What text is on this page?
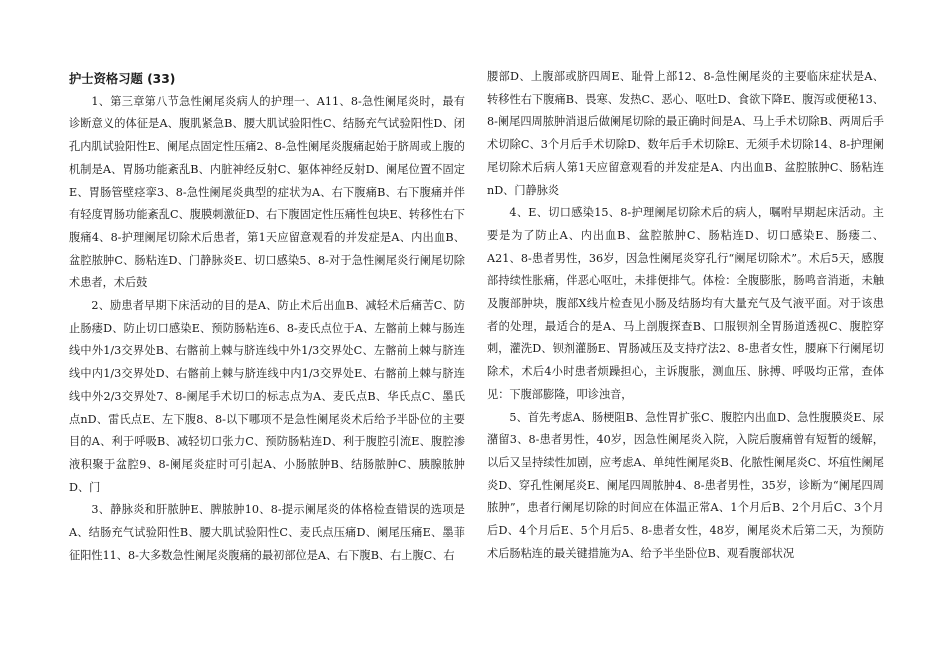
护士资格习题 (33)

1、第三章第八节急性阑尾炎病人的护理一、A11、8-急性阑尾炎时，最有诊断意义的体征是A、腹肌紧急B、腰大肌试验阳性C、结肠充气试验阳性D、闭孔内肌试验阳性E、阑尾点固定性压痛2、8-急性阑尾炎腹痛起始于脐周或上腹的机制是A、胃肠功能紊乱B、内脏神经反射C、躯体神经反射D、阑尾位置不固定E、胃肠管壁痉挛3、8-急性阑尾炎典型的症状为A、右下腹痛B、右下腹痛并伴有轻度胃肠功能紊乱C、腹膜刺激征D、右下腹固定性压痛性包块E、转移性右下腹痛4、8-护理阑尾切除术后患者，第1天应留意观看的并发症是A、内出血B、盆腔脓肿C、肠粘连D、门静脉炎E、切口感染5、8-对于急性阑尾炎行阑尾切除术患者，术后鼓

2、励患者早期下床活动的目的是A、防止术后出血B、减轻术后痛苦C、防止肠瘘D、防止切口感染E、预防肠粘连6、8-麦氏点位于A、左髂前上棘与肠连线中外1/3交界处B、右髂前上棘与脐连线中外1/3交界处C、左髂前上棘与脐连线中内1/3交界处D、右髂前上棘与脐连线中内1/3交界处E、右髂前上棘与脐连线中外2/3交界处7、8-阑尾手术切口的标志点为A、麦氏点B、华氏点C、墨氏点nD、雷氏点E、左下腹8、8-以下哪项不是急性阑尾炎术后给予半卧位的主要目的A、利于呼吸B、减轻切口张力C、预防肠粘连D、利于腹腔引流E、腹腔渗液积聚于盆腔9、8-阑尾炎症时可引起A、小肠脓肿B、结肠脓肿C、胰腺脓肿D、门

3、静脉炎和肝脓肿E、脾脓肿10、8-提示阑尾炎的体格检查错误的选项是A、结肠充气试验阳性B、腰大肌试验阳性C、麦氏点压痛D、阑尾压痛E、墨菲征阳性11、8-大多数急性阑尾炎腹痛的最初部位是A、右下腹B、右上腹C、右

腰部D、上腹部或脐四周E、耻骨上部12、8-急性阑尾炎的主要临床症状是A、转移性右下腹痛B、畏寒、发热C、恶心、呕吐D、食欲下降E、腹泻或便秘13、8-阑尾四周脓肿消退后做阑尾切除的最正确时间是A、马上手术切除B、两周后手术切除C、3个月后手术切除D、数年后手术切除E、无须手术切除14、8-护理阑尾切除术后病人第1天应留意观看的并发症是A、内出血B、盆腔脓肿C、肠粘连nD、门静脉炎

4、E、切口感染15、8-护理阑尾切除术后的病人，嘱咐早期起床活动。主要是为了防止A、内出血B、盆腔脓肿C、肠粘连D、切口感染E、肠瘘二、A21、8-患者男性，36岁，因急性阑尾炎穿孔行“阑尾切除术”。术后5天，感腹部持续性胀痛，伴恶心呕吐，未排便排气。体检：全腹膨胀，肠鸣音消逝，未触及腹部肿块，腹部X线片检查见小肠及结肠均有大量充气及气液平面。对于该患者的处理，最适合的是A、马上剖腹探查B、口服钡剂全胃肠道透视C、腹腔穿刺，灌洗D、钡剂灌肠E、胃肠减压及支持疗法2、8-患者女性，腰麻下行阑尾切除术，术后4小时患者烦躁担心，主诉腹胀，测血压、脉搏、呼吸均正常，查体见：下腹部膨隆，叩诊浊音，

5、首先考虑A、肠梗阻B、急性胃扩张C、腹腔内出血D、急性腹膜炎E、尿潴留3、8-患者男性，40岁，因急性阑尾炎入院，入院后腹痛曾有短暂的缓解，以后又呈持续性加剧，应考虑A、单纯性阑尾炎B、化脓性阑尾炎C、坏疽性阑尾炎D、穿孔性阑尾炎E、阑尾四周脓肿4、8-患者男性，35岁，诊断为“阑尾四周脓肿”，患者行阑尾切除的时间应在体温正常A、1个月后B、2个月后C、3个月后D、4个月后E、5个月后5、8-患者女性，48岁，阑尾炎术后第二天，为预防术后肠粘连的最关键措施为A、给予半坐卧位B、观看腹部状况
